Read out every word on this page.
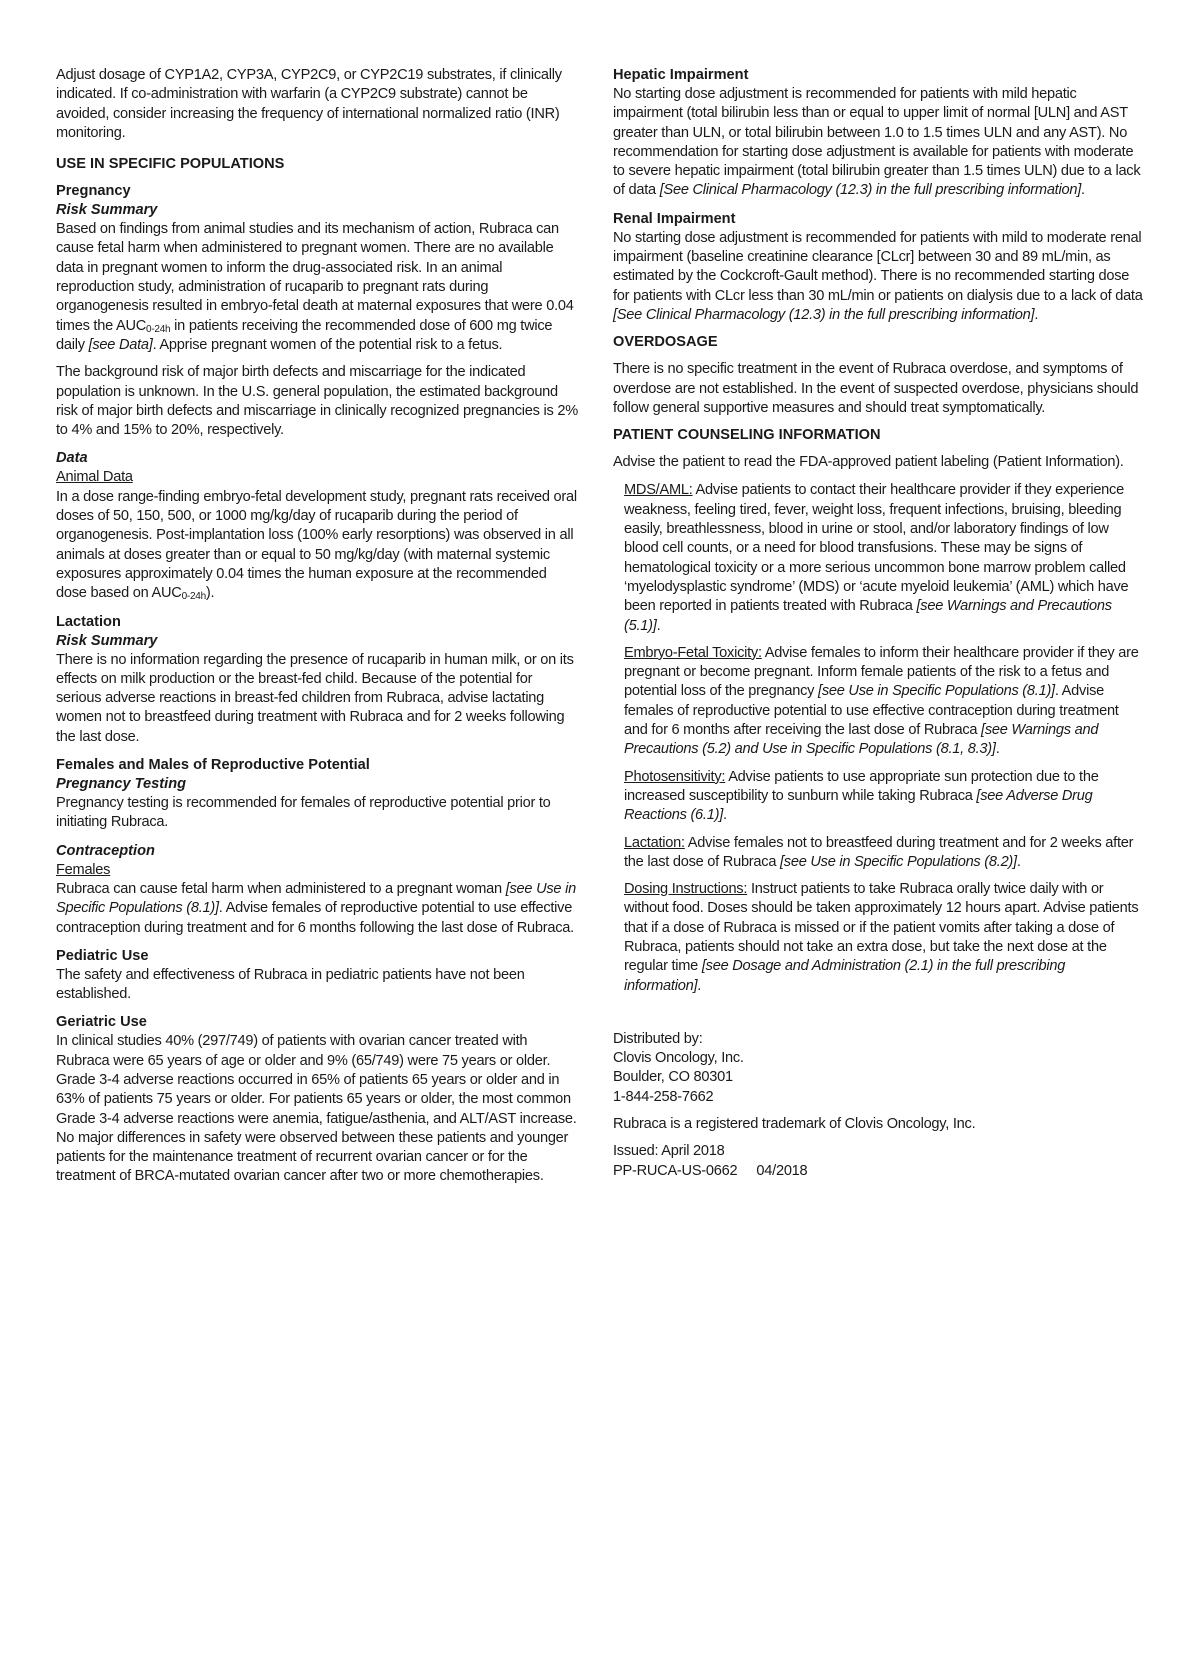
Adjust dosage of CYP1A2, CYP3A, CYP2C9, or CYP2C19 substrates, if clinically indicated. If co-administration with warfarin (a CYP2C9 substrate) cannot be avoided, consider increasing the frequency of international normalized ratio (INR) monitoring.

USE IN SPECIFIC POPULATIONS
Pregnancy
Risk Summary

Based on findings from animal studies and its mechanism of action, Rubraca can cause fetal harm when administered to pregnant women. There are no available data in pregnant women to inform the drug-associated risk. In an animal reproduction study, administration of rucaparib to pregnant rats during organogenesis resulted in embryo-fetal death at maternal exposures that were 0.04 times the $AUC_{0-24h}$ in patients receiving the recommended dose of 600 mg twice daily [see Data]. Apprise pregnant women of the potential risk to a fetus.

The background risk of major birth defects and miscarriage for the indicated population is unknown. In the U.S. general population, the estimated background risk of major birth defects and miscarriage in clinically recognized pregnancies is 2% to 4% and 15% to 20%, respectively.

Data

Animal Data

In a dose range-finding embryo-fetal development study, pregnant rats received oral doses of 50, 150, 500, or 1000 mg/kg/day of rucaparib during the period of organogenesis. Post-implantation loss (100% early resorptions) was observed in all animals at doses greater than or equal to 50 mg/kg/day (with maternal systemic exposures approximately 0.04 times the human exposure at the recommended dose based on $AUC_{0-24h}$).

Lactation
Risk Summary

There is no information regarding the presence of rucaparib in human milk, or on its effects on milk production or the breast-fed child. Because of the potential for serious adverse reactions in breast-fed children from Rubraca, advise lactating women not to breastfeed during treatment with Rubraca and for 2 weeks following the last dose.

Females and Males of Reproductive Potential
Pregnancy Testing

Pregnancy testing is recommended for females of reproductive potential prior to initiating Rubraca.

Contraception

Females

Rubraca can cause fetal harm when administered to a pregnant woman [see Use in Specific Populations (8.1)]. Advise females of reproductive potential to use effective contraception during treatment and for 6 months following the last dose of Rubraca.

Pediatric Use

The safety and effectiveness of Rubraca in pediatric patients have not been established.

Geriatric Use

In clinical studies 40% (297/749) of patients with ovarian cancer treated with Rubraca were 65 years of age or older and 9% (65/749) were 75 years or older. Grade 3-4 adverse reactions occurred in 65% of patients 65 years or older and in 63% of patients 75 years or older. For patients 65 years or older, the most common Grade 3-4 adverse reactions were anemia, fatigue/asthenia, and ALT/AST increase. No major differences in safety were observed between these patients and younger patients for the maintenance treatment of recurrent ovarian cancer or for the treatment of BRCA-mutated ovarian cancer after two or more chemotherapies.

Hepatic Impairment

No starting dose adjustment is recommended for patients with mild hepatic impairment (total bilirubin less than or equal to upper limit of normal [ULN] and AST greater than ULN, or total bilirubin between 1.0 to 1.5 times ULN and any AST). No recommendation for starting dose adjustment is available for patients with moderate to severe hepatic impairment (total bilirubin greater than 1.5 times ULN) due to a lack of data [See Clinical Pharmacology (12.3) in the full prescribing information].

Renal Impairment

No starting dose adjustment is recommended for patients with mild to moderate renal impairment (baseline creatinine clearance [CLcr] between 30 and 89 mL/min, as estimated by the Cockcroft-Gault method). There is no recommended starting dose for patients with CLcr less than 30 mL/min or patients on dialysis due to a lack of data [See Clinical Pharmacology (12.3) in the full prescribing information].

OVERDOSAGE

There is no specific treatment in the event of Rubraca overdose, and symptoms of overdose are not established. In the event of suspected overdose, physicians should follow general supportive measures and should treat symptomatically.

PATIENT COUNSELING INFORMATION

Advise the patient to read the FDA-approved patient labeling (Patient Information).

MDS/AML: Advise patients to contact their healthcare provider if they experience weakness, feeling tired, fever, weight loss, frequent infections, bruising, bleeding easily, breathlessness, blood in urine or stool, and/or laboratory findings of low blood cell counts, or a need for blood transfusions. These may be signs of hematological toxicity or a more serious uncommon bone marrow problem called ‘myelodysplastic syndrome’ (MDS) or ‘acute myeloid leukemia’ (AML) which have been reported in patients treated with Rubraca [see Warnings and Precautions (5.1)].

Embryo-Fetal Toxicity: Advise females to inform their healthcare provider if they are pregnant or become pregnant. Inform female patients of the risk to a fetus and potential loss of the pregnancy [see Use in Specific Populations (8.1)]. Advise females of reproductive potential to use effective contraception during treatment and for 6 months after receiving the last dose of Rubraca [see Warnings and Precautions (5.2) and Use in Specific Populations (8.1, 8.3)].

Photosensitivity: Advise patients to use appropriate sun protection due to the increased susceptibility to sunburn while taking Rubraca [see Adverse Drug Reactions (6.1)].

Lactation: Advise females not to breastfeed during treatment and for 2 weeks after the last dose of Rubraca [see Use in Specific Populations (8.2)].

Dosing Instructions: Instruct patients to take Rubraca orally twice daily with or without food. Doses should be taken approximately 12 hours apart. Advise patients that if a dose of Rubraca is missed or if the patient vomits after taking a dose of Rubraca, patients should not take an extra dose, but take the next dose at the regular time [see Dosage and Administration (2.1) in the full prescribing information].

Distributed by:
Clovis Oncology, Inc.
Boulder, CO 80301
1-844-258-7662

Rubraca is a registered trademark of Clovis Oncology, Inc.

Issued: April 2018

PP-RUCA-US-0662     04/2018
